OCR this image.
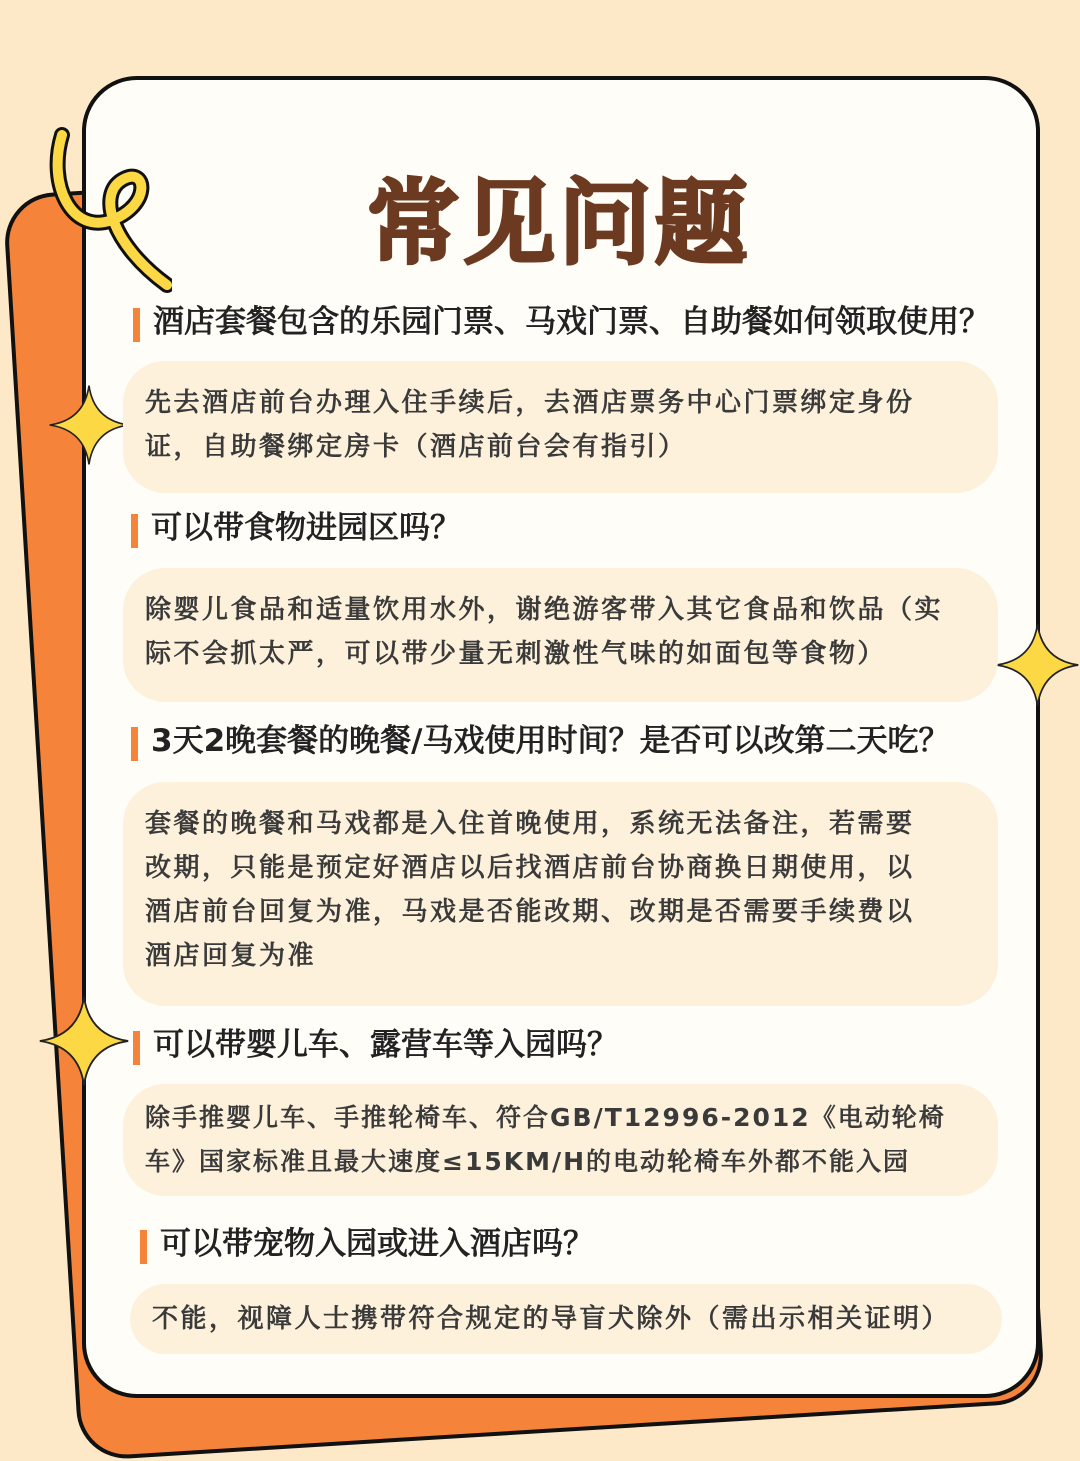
常见问题
酒店套餐包含的乐园门票、马戏门票、自助餐如何领取使用？
先去酒店前台办理入住手续后，去酒店票务中心门票绑定身份
证，自助餐绑定房卡（酒店前台会有指引）
可以带食物进园区吗？
除婴儿食品和适量饮用水外，谢绝游客带入其它食品和饮品（实
际不会抓太严，可以带少量无刺激性气味的如面包等食物）
3天2晚套餐的晚餐/马戏使用时间？是否可以改第二天吃？
套餐的晚餐和马戏都是入住首晚使用，系统无法备注，若需要
改期，只能是预定好酒店以后找酒店前台协商换日期使用，以
酒店前台回复为准，马戏是否能改期、改期是否需要手续费以
酒店回复为准
可以带婴儿车、露营车等入园吗？
除手推婴儿车、手推轮椅车、符合GB/T12996-2012《电动轮椅
车》国家标准且最大速度≤15KM/H的电动轮椅车外都不能入园
可以带宠物入园或进入酒店吗？
不能，视障人士携带符合规定的导盲犬除外（需出示相关证明）
